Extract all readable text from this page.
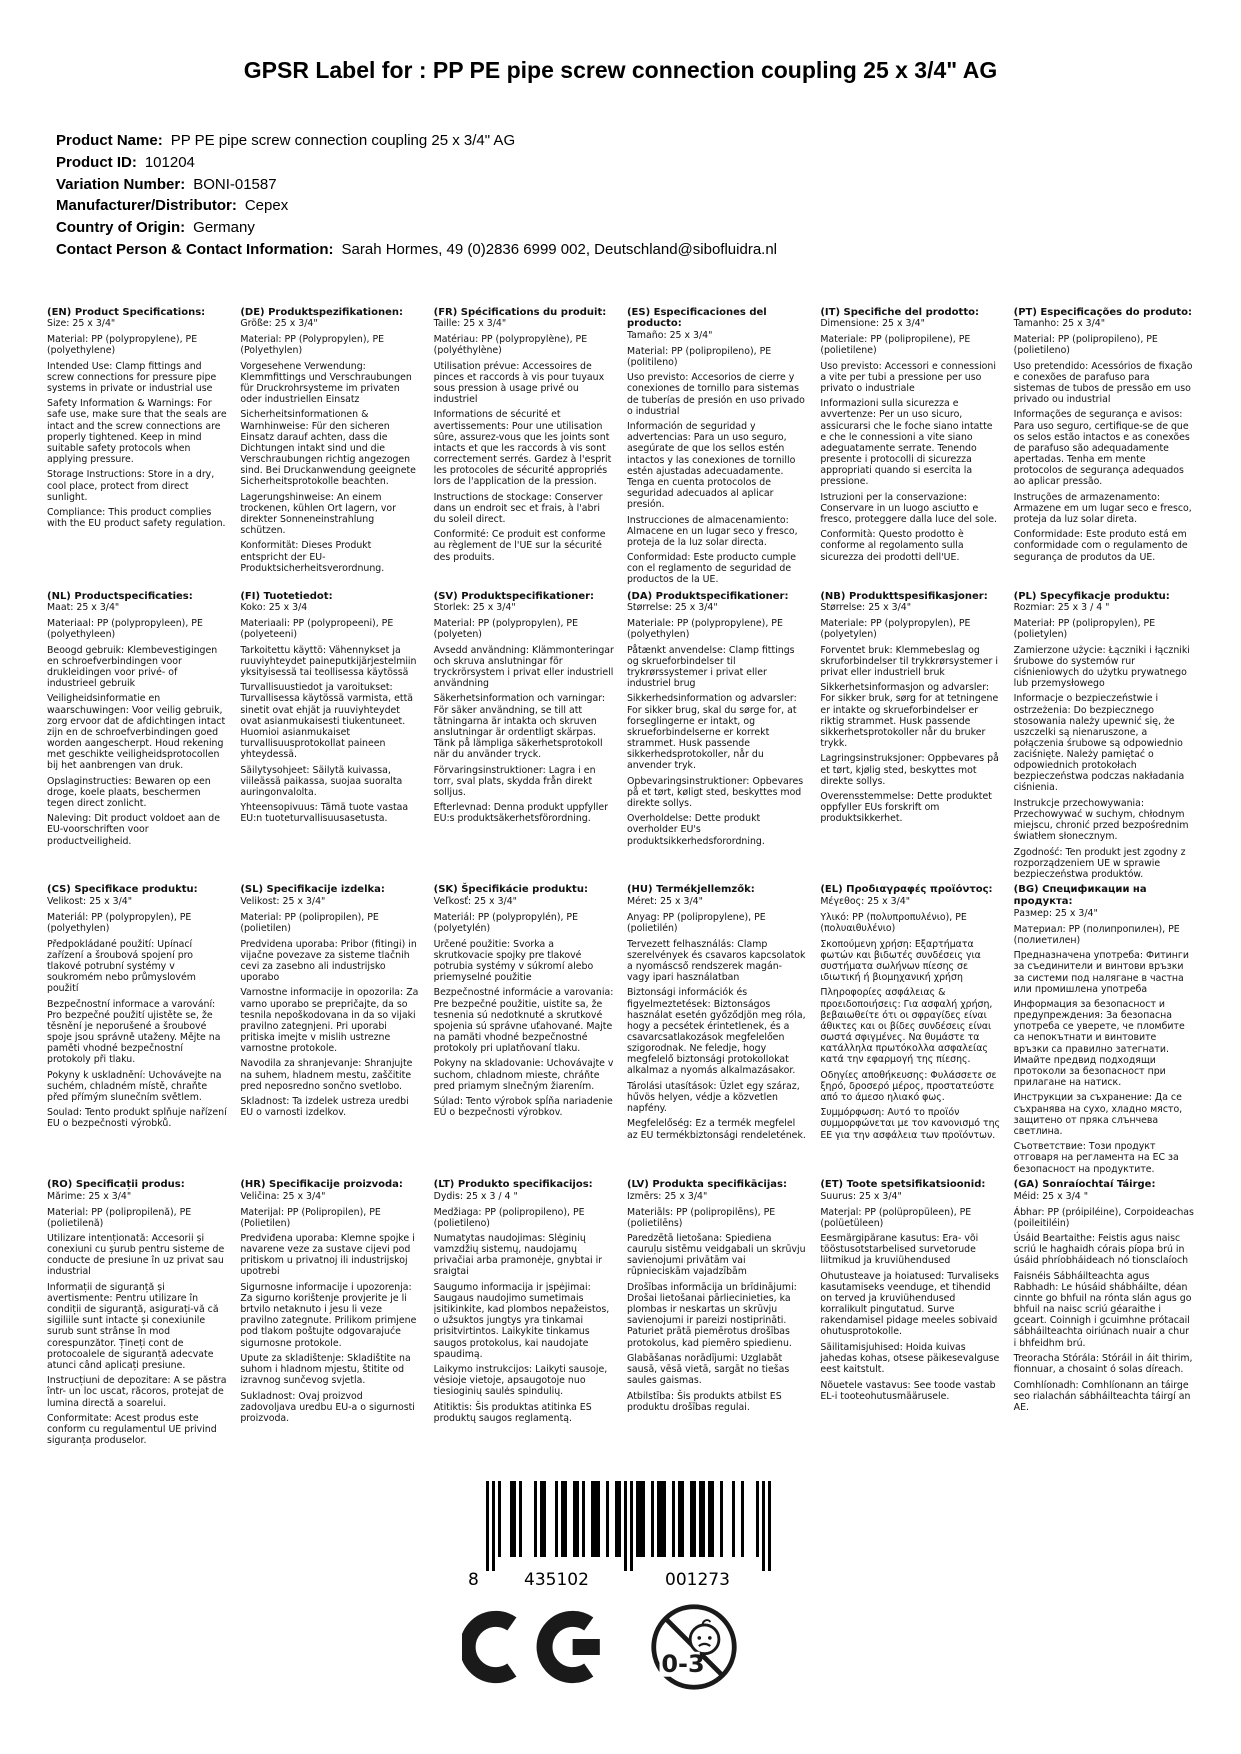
GPSR Label for : PP PE pipe screw connection coupling 25 x 3/4" AG
Product Name: PP PE pipe screw connection coupling 25 x 3/4" AG
Product ID: 101204
Variation Number: BONI-01587
Manufacturer/Distributor: Cepex
Country of Origin: Germany
Contact Person & Contact Information: Sarah Hormes, 49 (0)2836 6999 002, Deutschland@sibofluidra.nl
(EN) Product Specifications:

Size: 25 x 3/4"

Material: PP (polypropylene), PE (polyethylene)

Intended Use: Clamp fittings and screw connections for pressure pipe systems in private or industrial use

Safety Information & Warnings: For safe use, make sure that the seals are intact and the screw connections are properly tightened. Keep in mind suitable safety protocols when applying pressure.

Storage Instructions: Store in a dry, cool place, protect from direct sunlight.

Compliance: This product complies with the EU product safety regulation.

(DE) Produktspezifikationen:

Größe: 25 x 3/4"

Material: PP (Polypropylen), PE (Polyethylen)

Vorgesehene Verwendung: Klemmfittings und Verschraubungen für Druckrohrsysteme im privaten oder industriellen Einsatz

Sicherheitsinformationen & Warnhinweise: Für den sicheren Einsatz darauf achten, dass die Dichtungen intakt sind und die Verschraubungen richtig angezogen sind. Bei Druckanwendung geeignete Sicherheitsprotokolle beachten.

Lagerungshinweise: An einem trockenen, kühlen Ort lagern, vor direkter Sonneneinstrahlung schützen.

Konformität: Dieses Produkt entspricht der EU-Produktsicherheitsverordnung.

(FR) Spécifications du produit:

Taille: 25 x 3/4"

Matériau: PP (polypropylène), PE (polyéthylène)

Utilisation prévue: Accessoires de pinces et raccords à vis pour tuyaux sous pression à usage privé ou industriel

Informations de sécurité et avertissements: Pour une utilisation sûre, assurez-vous que les joints sont intacts et que les raccords à vis sont correctement serrés. Gardez à l'esprit les protocoles de sécurité appropriés lors de l'application de la pression.

Instructions de stockage: Conserver dans un endroit sec et frais, à l'abri du soleil direct.

Conformité: Ce produit est conforme au règlement de l'UE sur la sécurité des produits.

(ES) Especificaciones del producto:

Tamaño: 25 x 3/4"

Material: PP (polipropileno), PE (politileno)

Uso previsto: Accesorios de cierre y conexiones de tornillo para sistemas de tuberías de presión en uso privado o industrial

Información de seguridad y advertencias: Para un uso seguro, asegúrate de que los sellos estén intactos y las conexiones de tornillo estén ajustadas adecuadamente. Tenga en cuenta protocolos de seguridad adecuados al aplicar presión.

Instrucciones de almacenamiento: Almacene en un lugar seco y fresco, proteja de la luz solar directa.

Conformidad: Este producto cumple con el reglamento de seguridad de productos de la UE.

(IT) Specifiche del prodotto:

Dimensione: 25 x 3/4"

Materiale: PP (polipropilene), PE (polietilene)

Uso previsto: Accessori e connessioni a vite per tubi a pressione per uso privato o industriale

Informazioni sulla sicurezza e avvertenze: Per un uso sicuro, assicurarsi che le foche siano intatte e che le connessioni a vite siano adeguatamente serrate. Tenendo presente i protocolli di sicurezza appropriati quando si esercita la pressione.

Istruzioni per la conservazione: Conservare in un luogo asciutto e fresco, proteggere dalla luce del sole.

Conformità: Questo prodotto è conforme al regolamento sulla sicurezza dei prodotti dell'UE.

(PT) Especificações do produto:

Tamanho: 25 x 3/4"

Material: PP (polipropileno), PE (polietileno)

Uso pretendido: Acessórios de fixação e conexões de parafuso para sistemas de tubos de pressão em uso privado ou industrial

Informações de segurança e avisos: Para uso seguro, certifique-se de que os selos estão intactos e as conexões de parafuso são adequadamente apertadas. Tenha em mente protocolos de segurança adequados ao aplicar pressão.

Instruções de armazenamento: Armazene em um lugar seco e fresco, proteja da luz solar direta.

Conformidade: Este produto está em conformidade com o regulamento de segurança de produtos da UE.

(NL) Productspecificaties:

Maat: 25 x 3/4"

Materiaal: PP (polypropyleen), PE (polyethyleen)

Beoogd gebruik: Klembevestigingen en schroefverbindingen voor drukleidingen voor privé- of industrieel gebruik

Veiligheidsinformatie en waarschuwingen: Voor veilig gebruik, zorg ervoor dat de afdichtingen intact zijn en de schroefverbindingen goed worden aangescherpt. Houd rekening met geschikte veiligheidsprotocollen bij het aanbrengen van druk.

Opslaginstructies: Bewaren op een droge, koele plaats, beschermen tegen direct zonlicht.

Naleving: Dit product voldoet aan de EU-voorschriften voor productveiligheid.

(FI) Tuotetiedot:

Koko: 25 x 3/4

Materiaali: PP (polypropeeni), PE (polyeteeni)

Tarkoitettu käyttö: Vähennykset ja ruuviyhteydet paineputkijärjestelmiin yksityisessä tai teollisessa käytössä

Turvallisuustiedot ja varoitukset: Turvallisessa käytössä varmista, että sinetit ovat ehjät ja ruuviyhteydet ovat asianmukaisesti tiukentuneet. Huomioi asianmukaiset turvallisuusprotokollat paineen yhteydessä.

Säilytysohjeet: Säilytä kuivassa, viileässä paikassa, suojaa suoralta auringonvalolta.

Yhteensopivuus: Tämä tuote vastaa EU:n tuoteturvallisuusasetusta.

(SV) Produktspecifikationer:

Storlek: 25 x 3/4"

Material: PP (polypropylen), PE (polyeten)

Avsedd användning: Klämmonteringar och skruva anslutningar för tryckrörsystem i privat eller industriell användning

Säkerhetsinformation och varningar: För säker användning, se till att tätningarna är intakta och skruven anslutningar är ordentligt skärpas. Tänk på lämpliga säkerhetsprotokoll när du använder tryck.

Förvaringsinstruktioner: Lagra i en torr, sval plats, skydda från direkt solljus.

Efterlevnad: Denna produkt uppfyller EU:s produktsäkerhetsförordning.

(DA) Produktspecifikationer:

Størrelse: 25 x 3/4"

Materiale: PP (polypropylene), PE (polyethylen)

Påtænkt anvendelse: Clamp fittings og skrueforbindelser til trykrørssystemer i privat eller industriel brug

Sikkerhedsinformation og advarsler: For sikker brug, skal du sørge for, at forseglingerne er intakt, og skrueforbindelserne er korrekt strammet. Husk passende sikkerhedsprotokoller, når du anvender tryk.

Opbevaringsinstruktioner: Opbevares på et tørt, køligt sted, beskyttes mod direkte sollys.

Overholdelse: Dette produkt overholder EU's produktsikkerhedsforordning.

(NB) Produkttspesifikasjoner:

Størrelse: 25 x 3/4"

Materiale: PP (polypropylen), PE (polyetylen)

Forventet bruk: Klemmebeslag og skruforbindelser til trykkrørsystemer i privat eller industriell bruk

Sikkerhetsinformasjon og advarsler: For sikker bruk, sørg for at tetningene er intakte og skrueforbindelser er riktig strammet. Husk passende sikkerhetsprotokoller når du bruker trykk.

Lagringsinstruksjoner: Oppbevares på et tørt, kjølig sted, beskyttes mot direkte sollys.

Overensstemmelse: Dette produktet oppfyller EUs forskrift om produktsikkerhet.

(PL) Specyfikacje produktu:

Rozmiar: 25 x 3 / 4 "

Materiał: PP (polipropylen), PE (polietylen)

Zamierzone użycie: Łączniki i łączniki śrubowe do systemów rur ciśnieniowych do użytku prywatnego lub przemysłowego

Informacje o bezpieczeństwie i ostrzeżenia: Do bezpiecznego stosowania należy upewnić się, że uszczelki są nienaruszone, a połączenia śrubowe są odpowiednio zaciśnięte. Należy pamiętać o odpowiednich protokołach bezpieczeństwa podczas nakładania ciśnienia.

Instrukcje przechowywania: Przechowywać w suchym, chłodnym miejscu, chronić przed bezpośrednim światłem słonecznym.

Zgodność: Ten produkt jest zgodny z rozporządzeniem UE w sprawie bezpieczeństwa produktów.

(CS) Specifikace produktu:

Velikost: 25 x 3/4"

Materiál: PP (polypropylen), PE (polyethylen)

Předpokládané použití: Upínací zařízení a šroubová spojení pro tlakové potrubní systémy v soukromém nebo průmyslovém použití

Bezpečnostní informace a varování: Pro bezpečné použití ujistěte se, že těsnění je neporušené a šroubové spoje jsou správně utaženy. Mějte na paměti vhodné bezpečnostní protokoly při tlaku.

Pokyny k uskladnění: Uchovávejte na suchém, chladném místě, chraňte před přímým slunečním světlem.

Soulad: Tento produkt splňuje nařízení EU o bezpečnosti výrobků.

(SL) Specifikacije izdelka:

Velikost: 25 x 3/4"

Material: PP (polipropilen), PE (polietilen)

Predvidena uporaba: Pribor (fitingi) in vijačne povezave za sisteme tlačnih cevi za zasebno ali industrijsko uporabo

Varnostne informacije in opozorila: Za varno uporabo se prepričajte, da so tesnila nepoškodovana in da so vijaki pravilno zategnjeni. Pri uporabi pritiska imejte v mislih ustrezne varnostne protokole.

Navodila za shranjevanje: Shranjujte na suhem, hladnem mestu, zaščitite pred neposredno sončno svetlobo.

Skladnost: Ta izdelek ustreza uredbi EU o varnosti izdelkov.

(SK) Špecifikácie produktu:

Veľkosť: 25 x 3/4"

Materiál: PP (polypropylén), PE (polyetylén)

Určené použitie: Svorka a skrutkovacie spojky pre tlakové potrubia systémy v súkromí alebo priemyselné použitie

Bezpečnostné informácie a varovania: Pre bezpečné použitie, uistite sa, že tesnenia sú nedotknuté a skrutkové spojenia sú správne uťahované. Majte na pamäti vhodné bezpečnostné protokoly pri uplatňovaní tlaku.

Pokyny na skladovanie: Uchovávajte v suchom, chladnom mieste, chráňte pred priamym slnečným žiarením.

Súlad: Tento výrobok spĺňa nariadenie EÚ o bezpečnosti výrobkov.

(HU) Termékjellemzők:

Méret: 25 x 3/4"

Anyag: PP (polipropylene), PE (polietilén)

Tervezett felhasználás: Clamp szerelvények és csavaros kapcsolatok a nyomáscső rendszerek magán- vagy ipari használatban

Biztonsági információk és figyelmeztetések: Biztonságos használat esetén győződjön meg róla, hogy a pecsétek érintetlenek, és a csavarcsatlakozások megfelelően szigorodnak. Ne feledje, hogy megfelelő biztonsági protokollokat alkalmaz a nyomás alkalmazásakor.

Tárolási utasítások: Üzlet egy száraz, hűvös helyen, védje a közvetlen napfény.

Megfelelőség: Ez a termék megfelel az EU termékbiztonsági rendeletének.

(EL) Προδιαγραφές προϊόντος:

Μέγεθος: 25 x 3/4"

Υλικό: PP (πολυπροπυλένιο), PE (πολυαιθυλένιο)

Σκοπούμενη χρήση: Εξαρτήματα φωτών και βιδωτές συνδέσεις για συστήματα σωλήνων πίεσης σε ιδιωτική ή βιομηχανική χρήση

Πληροφορίες ασφάλειας & προειδοποιήσεις: Για ασφαλή χρήση, βεβαιωθείτε ότι οι σφραγίδες είναι άθικτες και οι βίδες συνδέσεις είναι σωστά σφιγμένες. Να θυμάστε τα κατάλληλα πρωτόκολλα ασφαλείας κατά την εφαρμογή της πίεσης.

Οδηγίες αποθήκευσης: Φυλάσσετε σε ξηρό, δροσερό μέρος, προστατεύστε από το άμεσο ηλιακό φως.

Συμμόρφωση: Αυτό το προϊόν συμμορφώνεται με τον κανονισμό της ΕΕ για την ασφάλεια των προϊόντων.

(BG) Спецификации на продукта:

Размер: 25 x 3/4"

Материал: PP (полипропилен), PE (полиетилен)

Предназначена употреба: Фитинги за съединители и винтови връзки за системи под налягане в частна или промишлена употреба

Информация за безопасност и предупреждения: За безопасна употреба се уверете, че пломбите са непокътнати и винтовите връзки са правилно затегнати. Имайте предвид подходящи протоколи за безопасност при прилагане на натиск.

Инструкции за съхранение: Да се съхранява на сухо, хладно място, защитено от пряка слънчева светлина.

Съответствие: Този продукт отговаря на регламента на ЕС за безопасност на продуктите.

(RO) Specificații produs:

Mărime: 25 x 3/4"

Material: PP (polipropilenă), PE (polietilenă)

Utilizare intenționată: Accesorii și conexiuni cu șurub pentru sisteme de conducte de presiune în uz privat sau industrial

Informații de siguranță și avertismente: Pentru utilizare în condiții de siguranță, asigurați-vă că sigiliile sunt intacte și conexiunile surub sunt strânse în mod corespunzător. Țineți cont de protocoalele de siguranță adecvate atunci când aplicați presiune.

Instrucțiuni de depozitare: A se păstra într- un loc uscat, răcoros, protejat de lumina directă a soarelui.

Conformitate: Acest produs este conform cu regulamentul UE privind siguranța produselor.

(HR) Specifikacije proizvoda:

Veličina: 25 x 3/4"

Materijal: PP (Polipropilen), PE (Polietilen)

Predviđena uporaba: Klemne spojke i navarene veze za sustave cijevi pod pritiskom u privatnoj ili industrijskoj upotrebi

Sigurnosne informacije i upozorenja: Za sigurno korištenje provjerite je li brtvilo netaknuto i jesu li veze pravilno zategnute. Prilikom primjene pod tlakom poštujte odgovarajuće sigurnosne protokole.

Upute za skladištenje: Skladištite na suhom i hladnom mjestu, štitite od izravnog sunčevog svjetla.

Sukladnost: Ovaj proizvod zadovoljava uredbu EU-a o sigurnosti proizvoda.

(LT) Produkto specifikacijos:

Dydis: 25 x 3 / 4 "

Medžiaga: PP (polipropileno), PE (polietileno)

Numatytas naudojimas: Slėginių vamzdžių sistemų, naudojamų privačiai arba pramonėje, gnybtai ir sraigtai

Saugumo informacija ir įspėjimai: Saugaus naudojimo sumetimais įsitikinkite, kad plombos nepažeistos, o užsuktos jungtys yra tinkamai prisitvirtintos. Laikykite tinkamus saugos protokolus, kai naudojate spaudimą.

Laikymo instrukcijos: Laikyti sausoje, vėsioje vietoje, apsaugotoje nuo tiesioginių saulės spindulių.

Atitiktis: Šis produktas atitinka ES produktų saugos reglamentą.

(LV) Produkta specifikācijas:

Izmērs: 25 x 3/4"

Materiāls: PP (polipropilēns), PE (polietilēns)

Paredzētā lietošana: Spiediena cauruļu sistēmu veidgabali un skrūvju savienojumi privātām vai rūpnieciskām vajadzībām

Drošības informācija un brīdinājumi: Drošai lietošanai pārliecinieties, ka plombas ir neskartas un skrūvju savienojumi ir pareizi nostiprināti. Paturiet prātā piemērotus drošības protokolus, kad piemēro spiedienu.

Glabāšanas norādījumi: Uzglabāt sausā, vēsā vietā, sargāt no tiešas saules gaismas.

Atbilstība: Šis produkts atbilst ES produktu drošības regulai.

(ET) Toote spetsifikatsioonid:

Suurus: 25 x 3/4"

Materjal: PP (polüpropüleen), PE (polüetüleen)

Eesmärgipärane kasutus: Era- või tööstusotstarbelised survetorude liitmikud ja kruviühendused

Ohutusteave ja hoiatused: Turvaliseks kasutamiseks veenduge, et tihendid on terved ja kruviühendused korralikult pingutatud. Surve rakendamisel pidage meeles sobivaid ohutusprotokolle.

Säilitamisjuhised: Hoida kuivas jahedas kohas, otsese päikesevalguse eest kaitstult.

Nõuetele vastavus: See toode vastab EL-i tooteohutusmäärusele.

(GA) Sonraíochtaí Táirge:

Méid: 25 x 3/4 "

Ábhar: PP (próipiléine), Corpoideachas (poileitiléin)

Úsáid Beartaithe: Feistis agus naisc scriú le haghaidh córais píopa brú in úsáid phríobháideach nó tionsclaíoch

Faisnéis Sábháilteachta agus Rabhadh: Le húsáid shábháilte, déan cinnte go bhfuil na rónta slán agus go bhfuil na naisc scriú géaraithe i gceart. Coinnigh i gcuimhne prótacail sábháilteachta oiriúnach nuair a chur i bhfeidhm brú.

Treoracha Stórála: Stóráil in áit thirim, fionnuar, a chosaint ó solas díreach.

Comhlíonadh: Comhlíonann an táirge seo rialachán sábháilteachta táirgí an AE.

8	435102	001273
0-3
